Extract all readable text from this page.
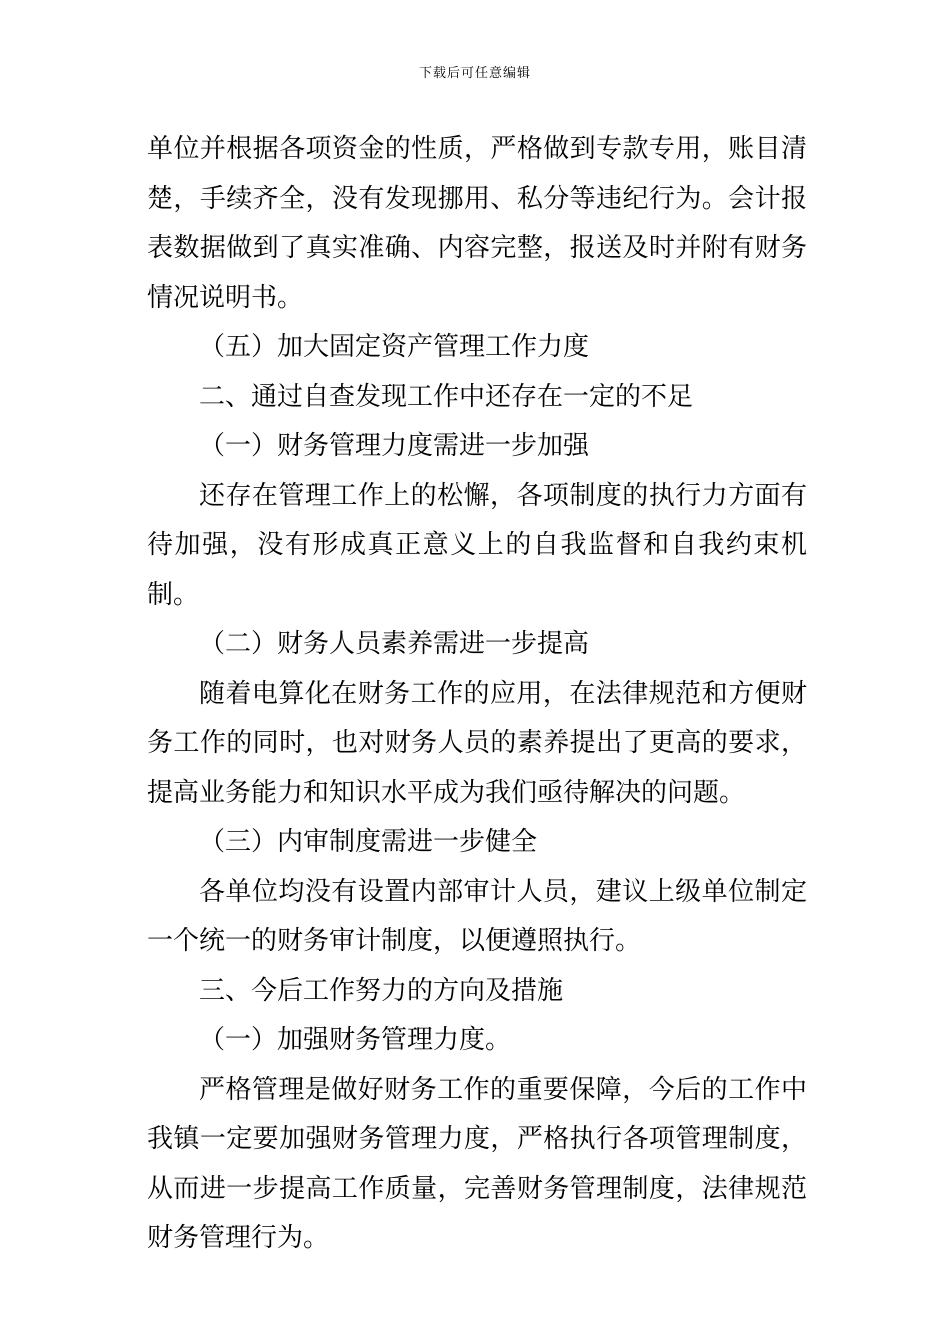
下载后可任意编辑

单位并根据各项资金的性质，严格做到专款专用，账目清楚，手续齐全，没有发现挪用、私分等违纪行为。会计报表数据做到了真实准确、内容完整，报送及时并附有财务情况说明书。

（五）加大固定资产管理工作力度

二、通过自查发现工作中还存在一定的不足

（一）财务管理力度需进一步加强

还存在管理工作上的松懈，各项制度的执行力方面有待加强，没有形成真正意义上的自我监督和自我约束机制。

（二）财务人员素养需进一步提高

随着电算化在财务工作的应用，在法律规范和方便财务工作的同时，也对财务人员的素养提出了更高的要求，提高业务能力和知识水平成为我们亟待解决的问题。

（三）内审制度需进一步健全

各单位均没有设置内部审计人员，建议上级单位制定一个统一的财务审计制度，以便遵照执行。

三、今后工作努力的方向及措施

（一）加强财务管理力度。

严格管理是做好财务工作的重要保障，今后的工作中我镇一定要加强财务管理力度，严格执行各项管理制度，从而进一步提高工作质量，完善财务管理制度，法律规范财务管理行为。
